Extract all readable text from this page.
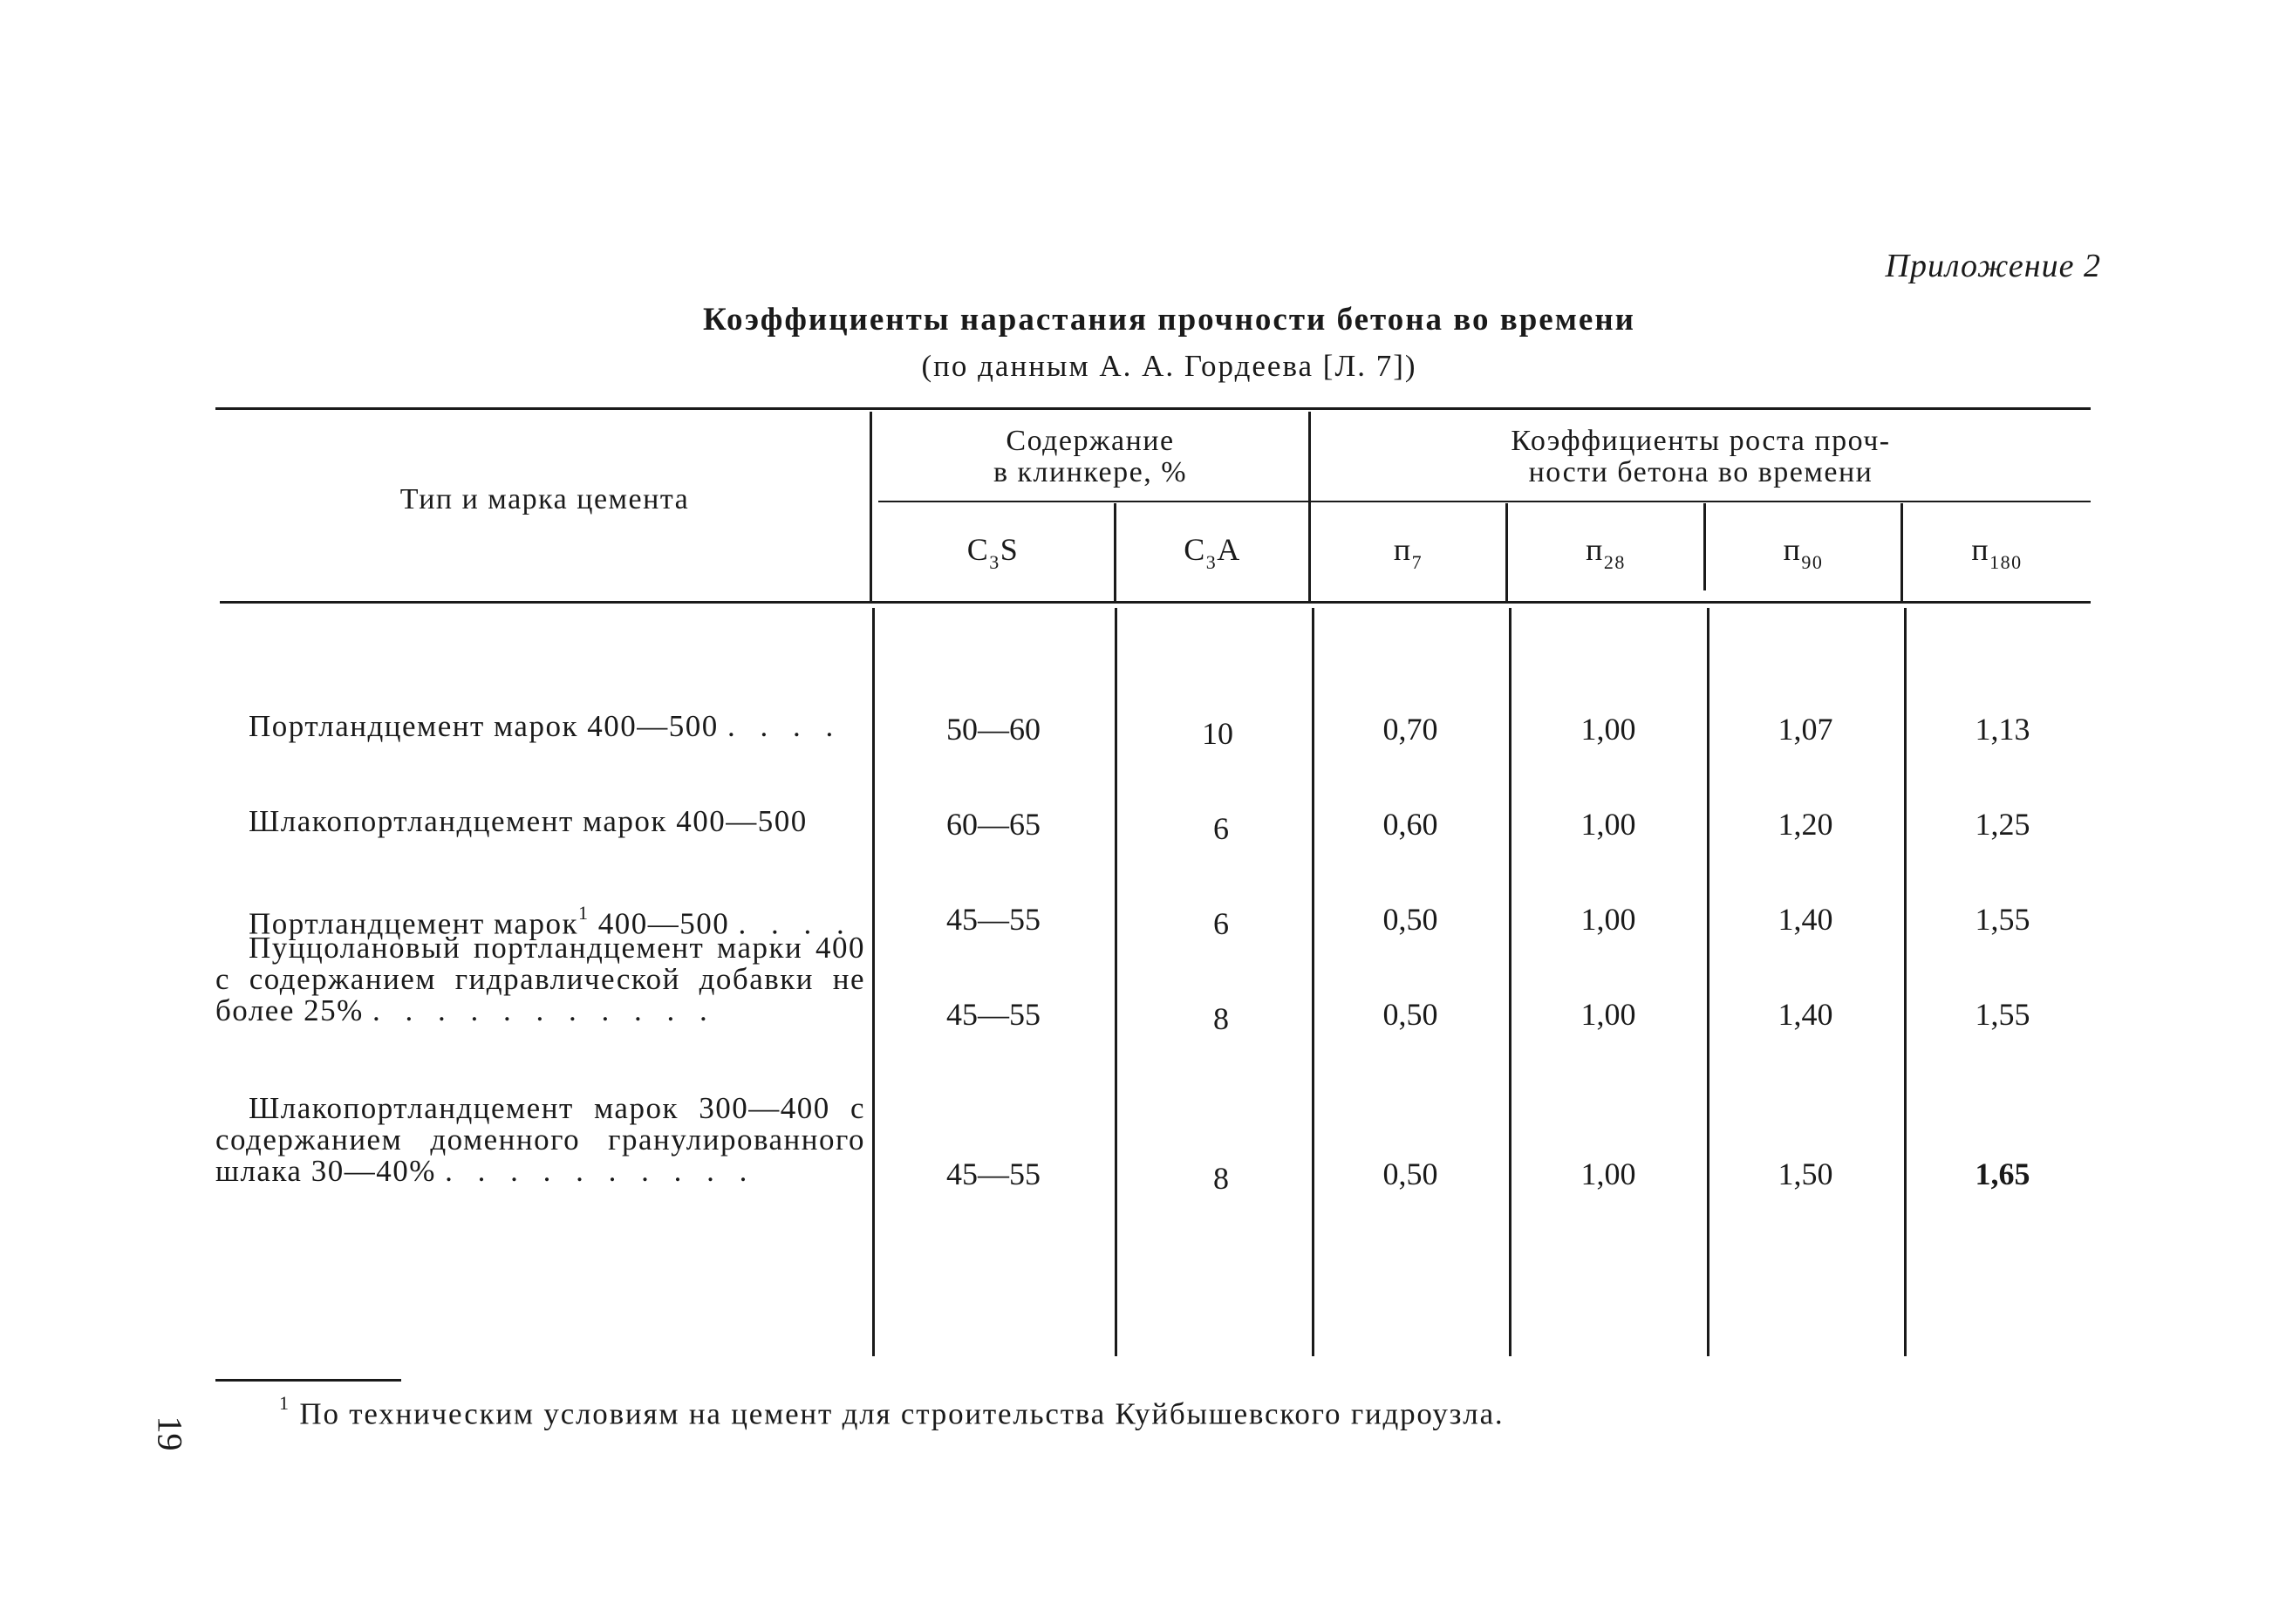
Приложение 2
Коэффициенты нарастания прочности бетона во времени
(по данным А. А. Гордеева [Л. 7])
Тип и марка цемента
Содержание
в клинкере, %
Коэффициенты роста проч-
ности бетона во времени
$C_3S$	$C_3A$	$п_7$	$п_{28}$	$п_{90}$	$п_{180}$
Портландцемент марок 400—500 . . . .	50—60	10	0,70	1,00	1,07	1,13
Шлакопортландцемент марок 400—500	60—65	6	0,60	1,00	1,20	1,25
Портландцемент марок$^1$ 400—500 . . . .	45—55	6	0,50	1,00	1,40	1,55
Пуццолановый портландцемент марки 400 с содержанием гидравлической добавки не более 25% . . . . . . . . . . .	45—55	8	0,50	1,00	1,40	1,55
Шлакопортландцемент марок 300—400 с содержанием доменного гранулированного шлака 30—40% . . . . . . . . . .	45—55	8	0,50	1,00	1,50	1,65
$^1$ По техническим условиям на цемент для строительства Куйбышевского гидроузла.
19
